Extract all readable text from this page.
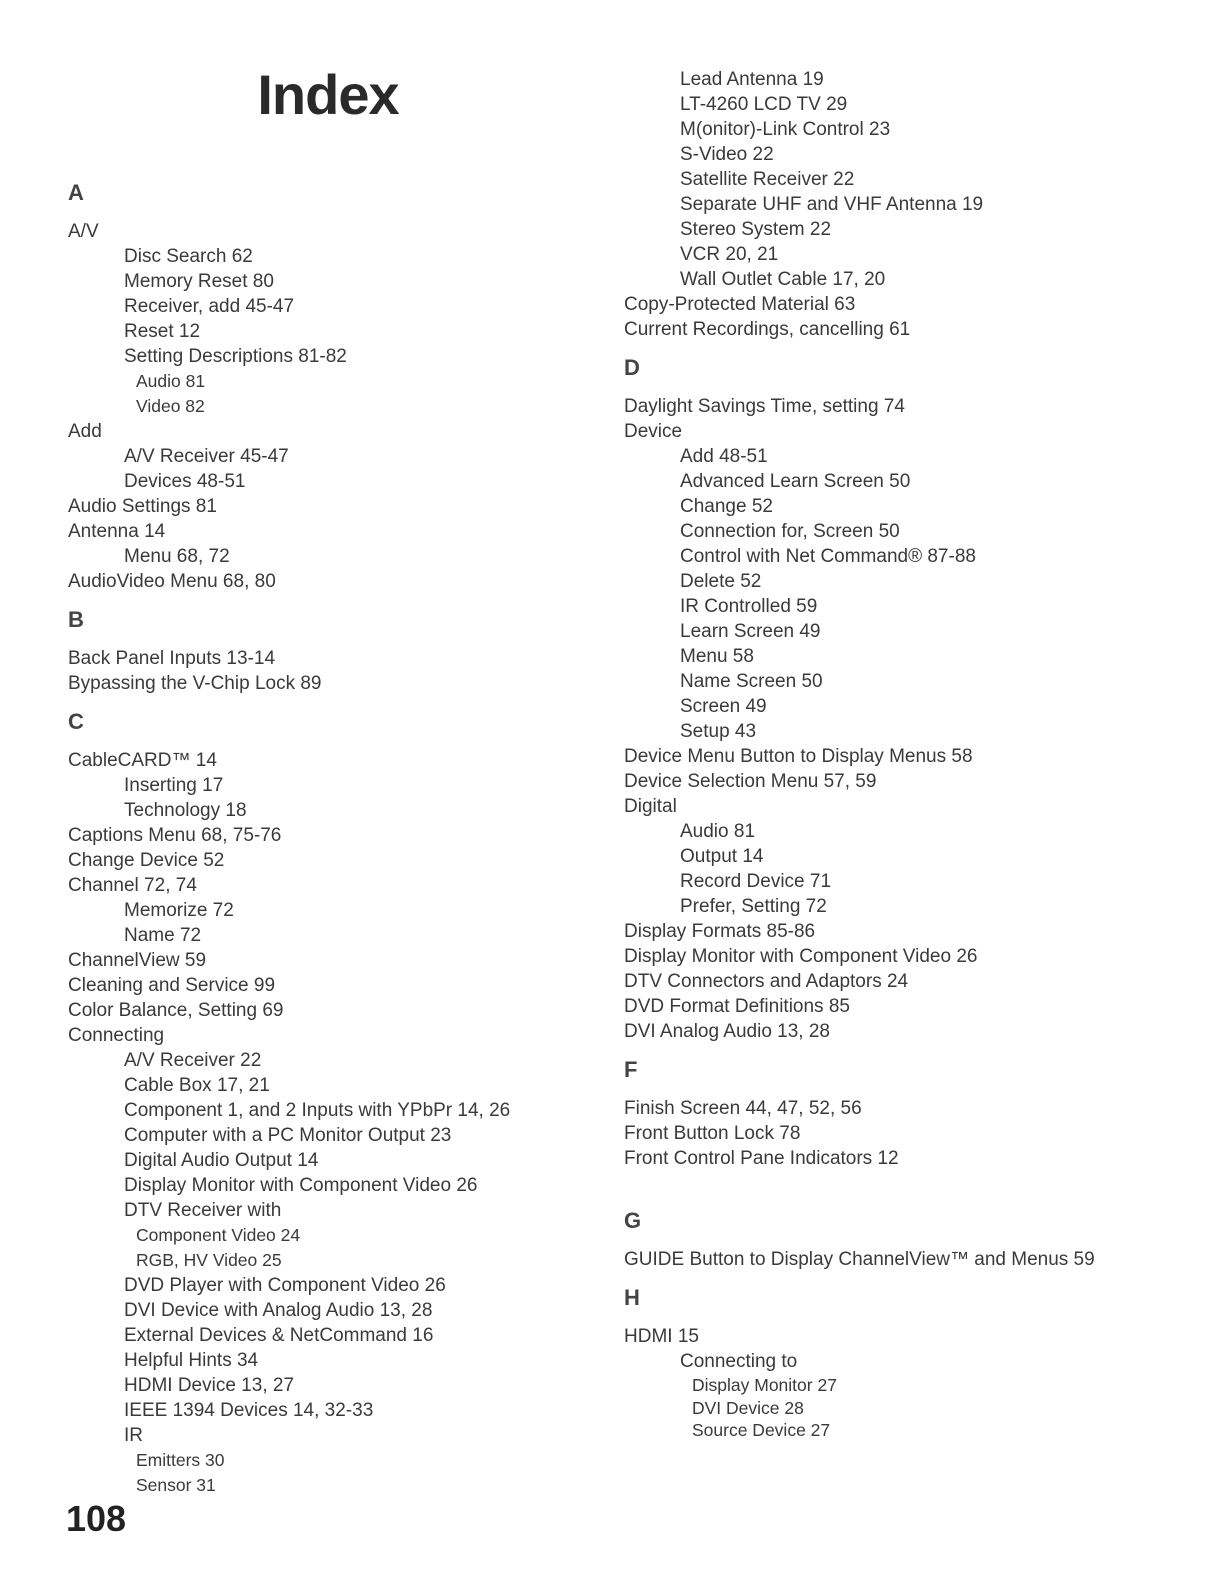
Index
A
A/V
Disc Search 62
Memory Reset 80
Receiver, add 45-47
Reset 12
Setting Descriptions 81-82
Audio 81
Video 82
Add
A/V Receiver 45-47
Devices 48-51
Audio Settings 81
Antenna 14
Menu 68, 72
AudioVideo Menu 68, 80
B
Back Panel Inputs 13-14
Bypassing the V-Chip Lock 89
C
CableCARD™ 14
Inserting 17
Technology 18
Captions Menu 68, 75-76
Change Device 52
Channel 72, 74
Memorize 72
Name 72
ChannelView 59
Cleaning and Service 99
Color Balance, Setting 69
Connecting
A/V Receiver 22
Cable Box 17, 21
Component 1, and 2 Inputs with YPbPr 14, 26
Computer with a PC Monitor Output 23
Digital Audio Output 14
Display Monitor with Component Video 26
DTV Receiver with
Component Video 24
RGB, HV Video 25
DVD Player with Component Video 26
DVI Device with Analog Audio 13, 28
External Devices & NetCommand 16
Helpful Hints 34
HDMI Device 13, 27
IEEE 1394 Devices 14, 32-33
IR
Emitters 30
Sensor 31
Lead Antenna 19
LT-4260 LCD TV 29
M(onitor)-Link Control 23
S-Video 22
Satellite Receiver 22
Separate UHF and VHF Antenna 19
Stereo System 22
VCR 20, 21
Wall Outlet Cable 17, 20
Copy-Protected Material 63
Current Recordings, cancelling 61
D
Daylight Savings Time, setting 74
Device
Add 48-51
Advanced Learn Screen 50
Change 52
Connection for, Screen 50
Control with Net Command® 87-88
Delete 52
IR Controlled 59
Learn Screen 49
Menu 58
Name Screen 50
Screen 49
Setup 43
Device Menu Button to Display Menus 58
Device Selection Menu 57, 59
Digital
Audio 81
Output 14
Record Device 71
Prefer, Setting 72
Display Formats 85-86
Display Monitor with Component Video 26
DTV Connectors and Adaptors 24
DVD Format Definitions 85
DVI Analog Audio 13, 28
F
Finish Screen 44, 47, 52, 56
Front Button Lock 78
Front Control Pane Indicators 12
G
GUIDE Button to Display ChannelView™ and Menus 59
H
HDMI 15
Connecting to
Display Monitor 27
DVI Device 28
Source Device 27
108
